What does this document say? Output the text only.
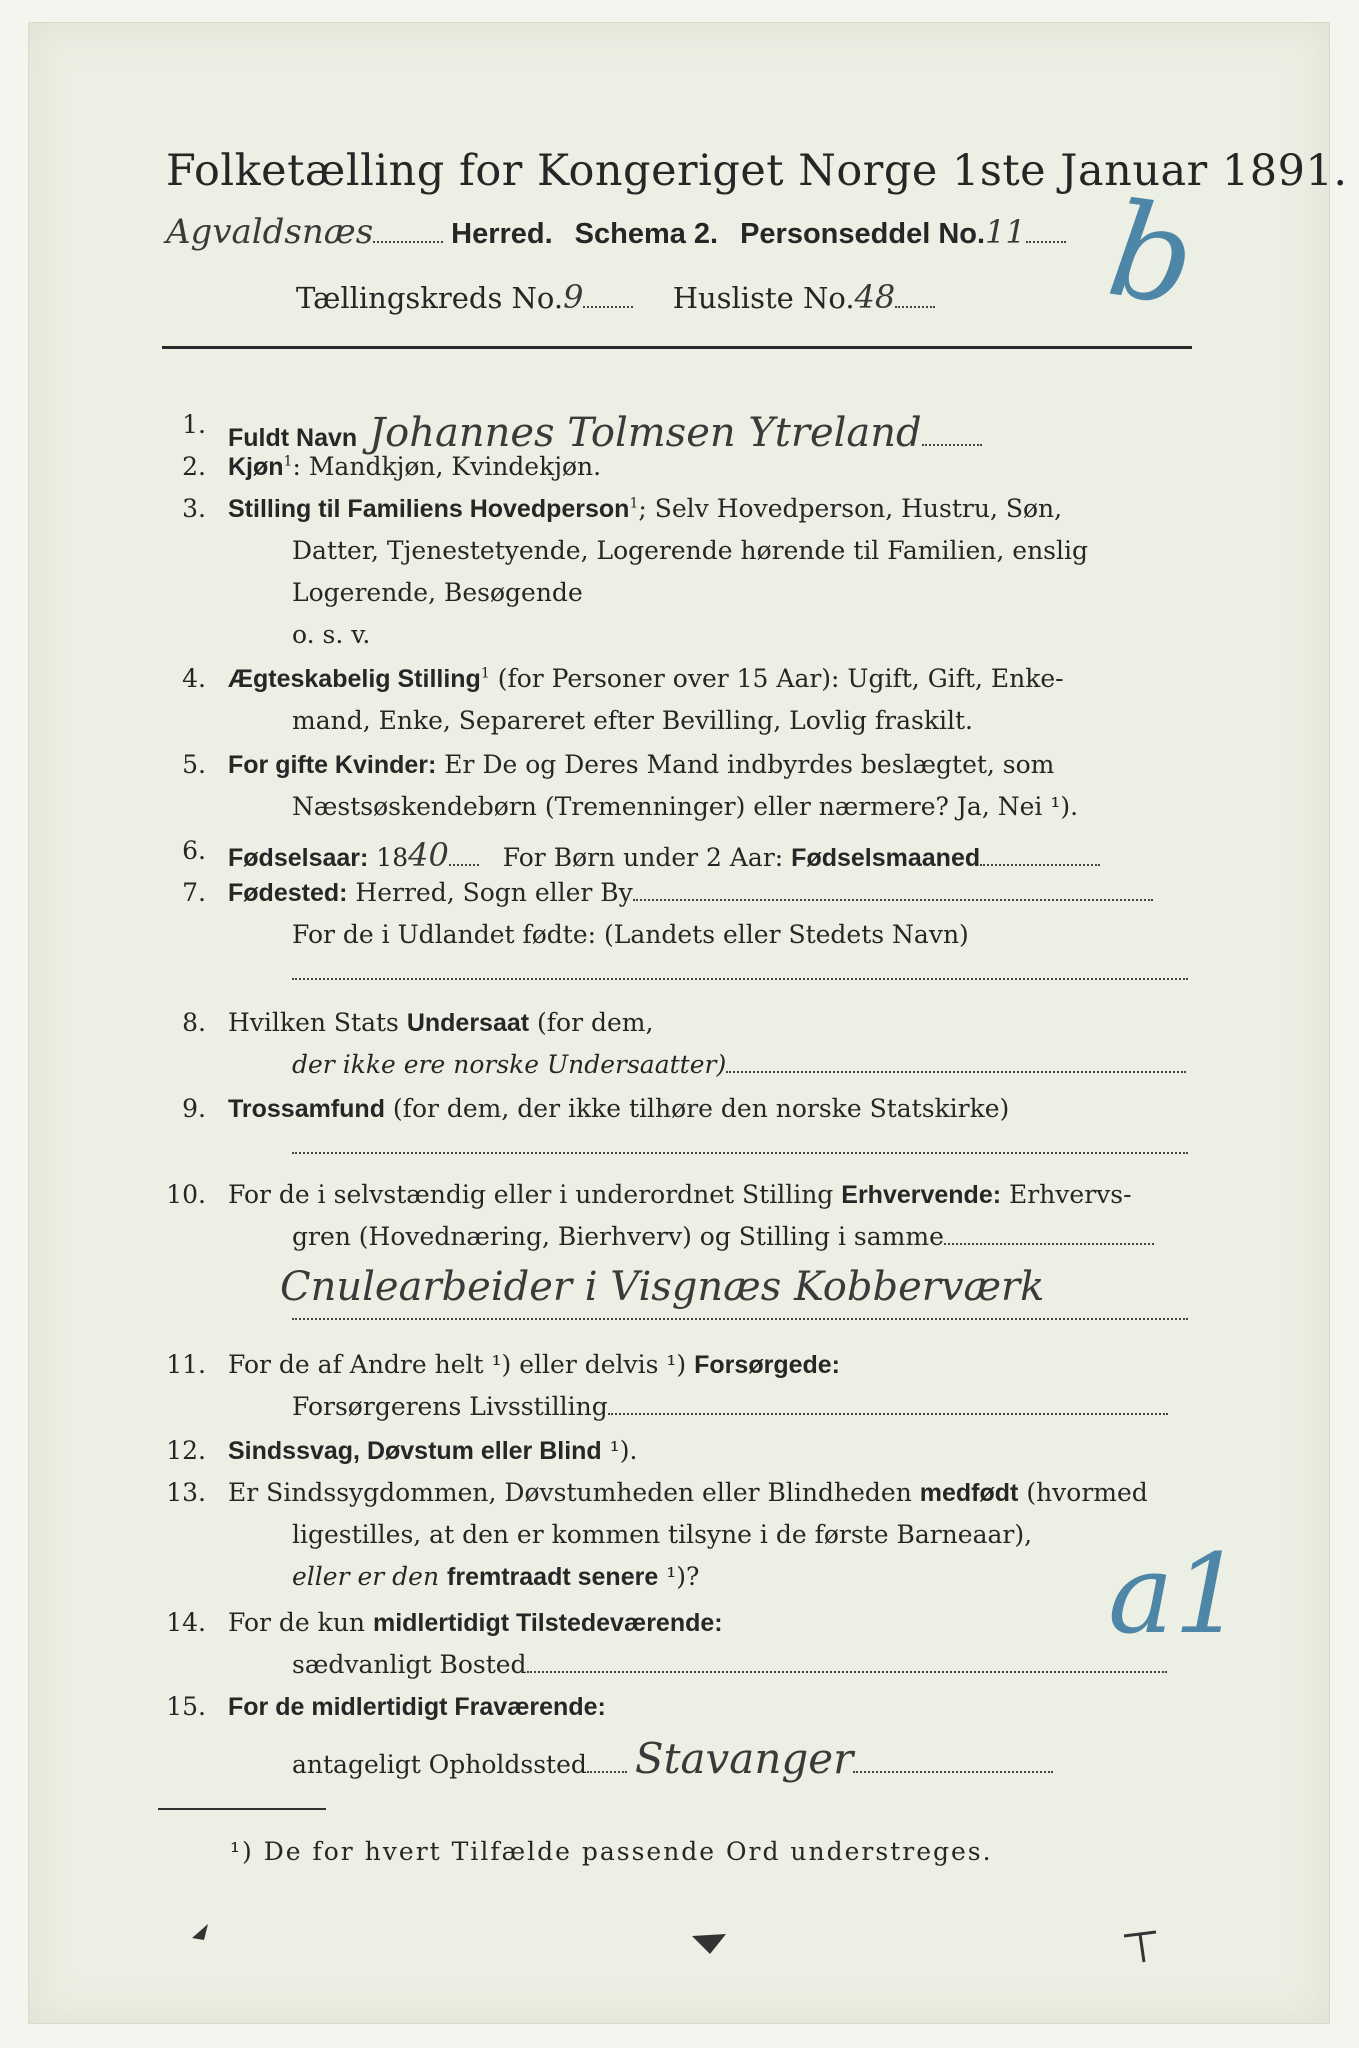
Folketælling for Kongeriget Norge 1ste Januar 1891.
Agvaldsnæs	Herred. Schema 2. Personseddel No.11 b
Tællingskreds No.9	Husliste No.48
1. Fuldt Navn Johannes Tolmsen Ytreland
2. Kjøn$^1$: Mandkjøn, Kvindekjøn.
3. Stilling til Familiens Hovedperson$^1$; Selv Hovedperson, Hustru, Søn,
Datter, Tjenestetyende, Logerende hørende til Familien, enslig
Logerende, Besøgende
o. s. v.
4. Ægteskabelig Stilling$^1$ (for Personer over 15 Aar): Ugift, Gift, Enke-
mand, Enke, Separeret efter Bevilling, Lovlig fraskilt.
5. For gifte Kvinder: Er De og Deres Mand indbyrdes beslægtet, som
Næstsøskendebørn (Tremenninger) eller nærmere? Ja, Nei ¹).
6. Fødselsaar: 1840 For Børn under 2 Aar: Fødselsmaaned
7. Fødested: Herred, Sogn eller By
For de i Udlandet fødte: (Landets eller Stedets Navn)
8. Hvilken Stats Undersaat (for dem,
der ikke ere norske Undersaatter)
9. Trossamfund (for dem, der ikke tilhøre den norske Statskirke)
10. For de i selvstændig eller i underordnet Stilling Erhvervende: Erhvervs-
gren (Hovednæring, Bierhverv) og Stilling i samme
Cnulearbeider i Visgnæs Kobberværk
11. For de af Andre helt ¹) eller delvis ¹) Forsørgede:
Forsørgerens Livsstilling
12. Sindssvag, Døvstum eller Blind ¹).
13. Er Sindssygdommen, Døvstumheden eller Blindheden medfødt (hvormed
ligestilles, at den er kommen tilsyne i de første Barneaar),
eller er den fremtraadt senere ¹)?
14. For de kun midlertidigt Tilstedeværende:
sædvanligt Bosted
a1
15. For de midlertidigt Fraværende:
antageligt Opholdssted Stavanger
¹) De for hvert Tilfælde passende Ord understreges.
